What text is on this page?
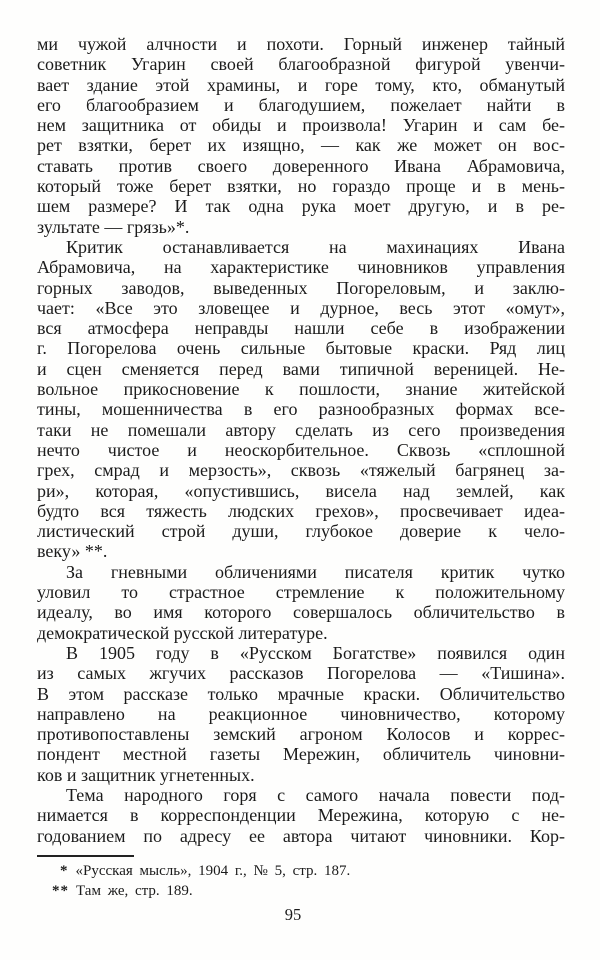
ми чужой алчности и похоти. Горный инженер тайный
советник Угарин своей благообразной фигурой увенчи-
вает здание этой храмины, и горе тому, кто, обманутый
его благообразием и благодушием, пожелает найти в
нем защитника от обиды и произвола! Угарин и сам бе-
рет взятки, берет их изящно, — как же может он вос-
ставать против своего доверенного Ивана Абрамовича,
который тоже берет взятки, но гораздо проще и в мень-
шем размере? И так одна рука моет другую, и в ре-
зультате — грязь»*.
Критик останавливается на махинациях Ивана
Абрамовича, на характеристике чиновников управления
горных заводов, выведенных Погореловым, и заклю-
чает: «Все это зловещее и дурное, весь этот «омут»,
вся атмосфера неправды нашли себе в изображении
г. Погорелова очень сильные бытовые краски. Ряд лиц
и сцен сменяется перед вами типичной вереницей. Не-
вольное прикосновение к пошлости, знание житейской
тины, мошенничества в его разнообразных формах все-
таки не помешали автору сделать из сего произведения
нечто чистое и неоскорбительное. Сквозь «сплошной
грех, смрад и мерзость», сквозь «тяжелый багрянец за-
ри», которая, «опустившись, висела над землей, как
будто вся тяжесть людских грехов», просвечивает идеа-
листический строй души, глубокое доверие к чело-
веку» **.
За гневными обличениями писателя критик чутко
уловил то страстное стремление к положительному
идеалу, во имя которого совершалось обличительство в
демократической русской литературе.
В 1905 году в «Русском Богатстве» появился один
из самых жгучих рассказов Погорелова — «Тишина».
В этом рассказе только мрачные краски. Обличительство
направлено на реакционное чиновничество, которому
противопоставлены земский агроном Колосов и коррес-
пондент местной газеты Мережин, обличитель чиновни-
ков и защитник угнетенных.
Тема народного горя с самого начала повести под-
нимается в корреспонденции Мережина, которую с не-
годованием по адресу ее автора читают чиновники. Кор-
* «Русская мысль», 1904 г., № 5, стр. 187.
** Там же, стр. 189.
95
